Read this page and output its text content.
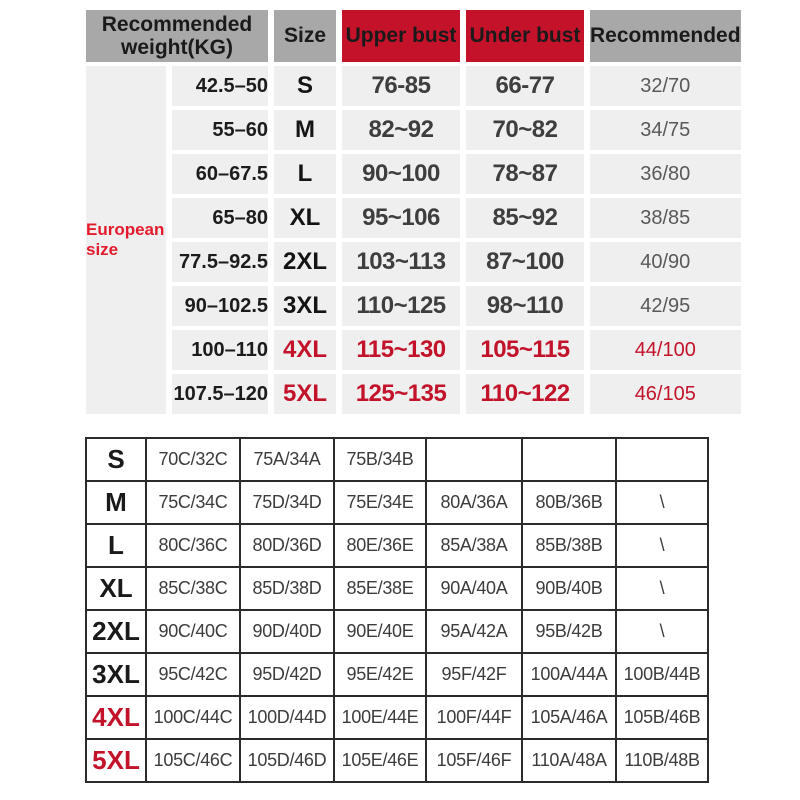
Recommended weight(KG)		Size	Upper bust	Under bust	Recommended
European size	42.5–50	S	76-85	66-77	32/70
	55–60	M	82~92	70~82	34/75
	60–67.5	L	90~100	78~87	36/80
	65–80	XL	95~106	85~92	38/85
	77.5–92.5	2XL	103~113	87~100	40/90
	90–102.5	3XL	110~125	98~110	42/95
	100–110	4XL	115~130	105~115	44/100
	107.5–120	5XL	125~135	110~122	46/105
S	70C/32C	75A/34A	75B/34B			
M	75C/34C	75D/34D	75E/34E	80A/36A	80B/36B	\
L	80C/36C	80D/36D	80E/36E	85A/38A	85B/38B	\
XL	85C/38C	85D/38D	85E/38E	90A/40A	90B/40B	\
2XL	90C/40C	90D/40D	90E/40E	95A/42A	95B/42B	\
3XL	95C/42C	95D/42D	95E/42E	95F/42F	100A/44A	100B/44B
4XL	100C/44C	100D/44D	100E/44E	100F/44F	105A/46A	105B/46B
5XL	105C/46C	105D/46D	105E/46E	105F/46F	110A/48A	110B/48B
